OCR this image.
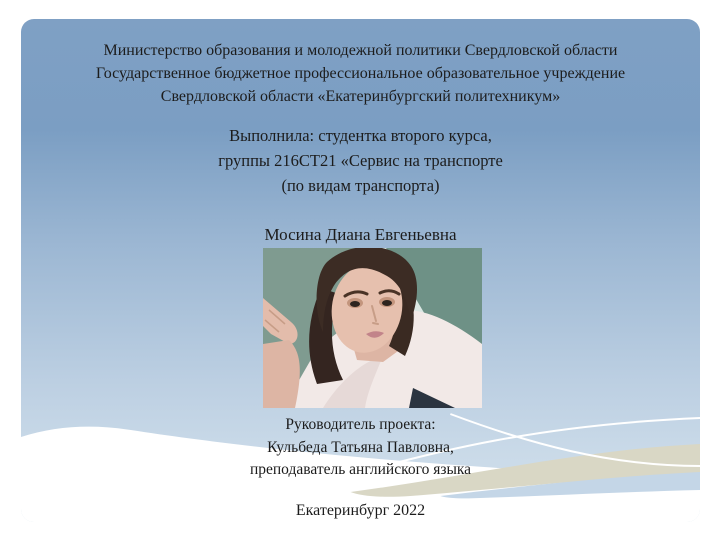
Министерство образования и молодежной политики Свердловской области
Государственное бюджетное профессиональное образовательное учреждение
Свердловской области «Екатеринбургский политехникум»
Выполнила: студентка второго курса,
группы 216СТ21 «Сервис на транспорте
(по видам транспорта)
Мосина Диана Евгеньевна
Руководитель проекта:
Кульбеда Татьяна Павловна,
преподаватель английского языка
Екатеринбург 2022
